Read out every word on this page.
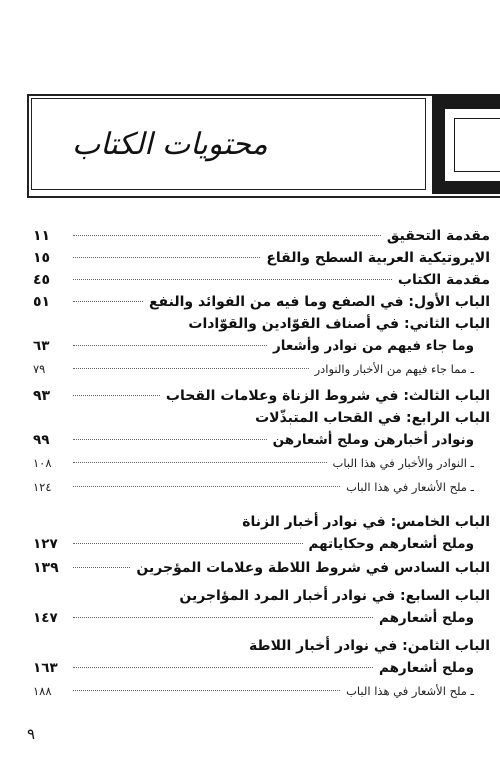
محتويات الكتاب
مقدمة التحقيق
١١
الايروتيكية العربية السطح والقاع
١٥
مقدمة الكتاب
٤٥
الباب الأول: في الصفع وما فيه من الفوائد والنفع
٥١
الباب الثاني: في أصناف القوّادين والقوّادات
وما جاء فيهم من نوادر وأشعار
٦٣
ـ مما جاء فيهم من الأخبار والنوادر
٧٩
الباب الثالث: في شروط الزناة وعلامات القحاب
٩٣
الباب الرابع: في القحاب المتبذّلات
ونوادر أخبارهن وملح أشعارهن
٩٩
ـ النوادر والأخبار في هذا الباب
١٠٨
ـ ملح الأشعار في هذا الباب
١٢٤
الباب الخامس: في نوادر أخبار الزناة
وملح أشعارهم وحكاياتهم
١٢٧
الباب السادس في شروط اللاطة وعلامات المؤجرين
١٣٩
الباب السابع: في نوادر أخبار المرد المؤاجرين
وملح أشعارهم
١٤٧
الباب الثامن: في نوادر أخبار اللاطة
وملح أشعارهم
١٦٣
ـ ملح الأشعار في هذا الباب
١٨٨
٩
